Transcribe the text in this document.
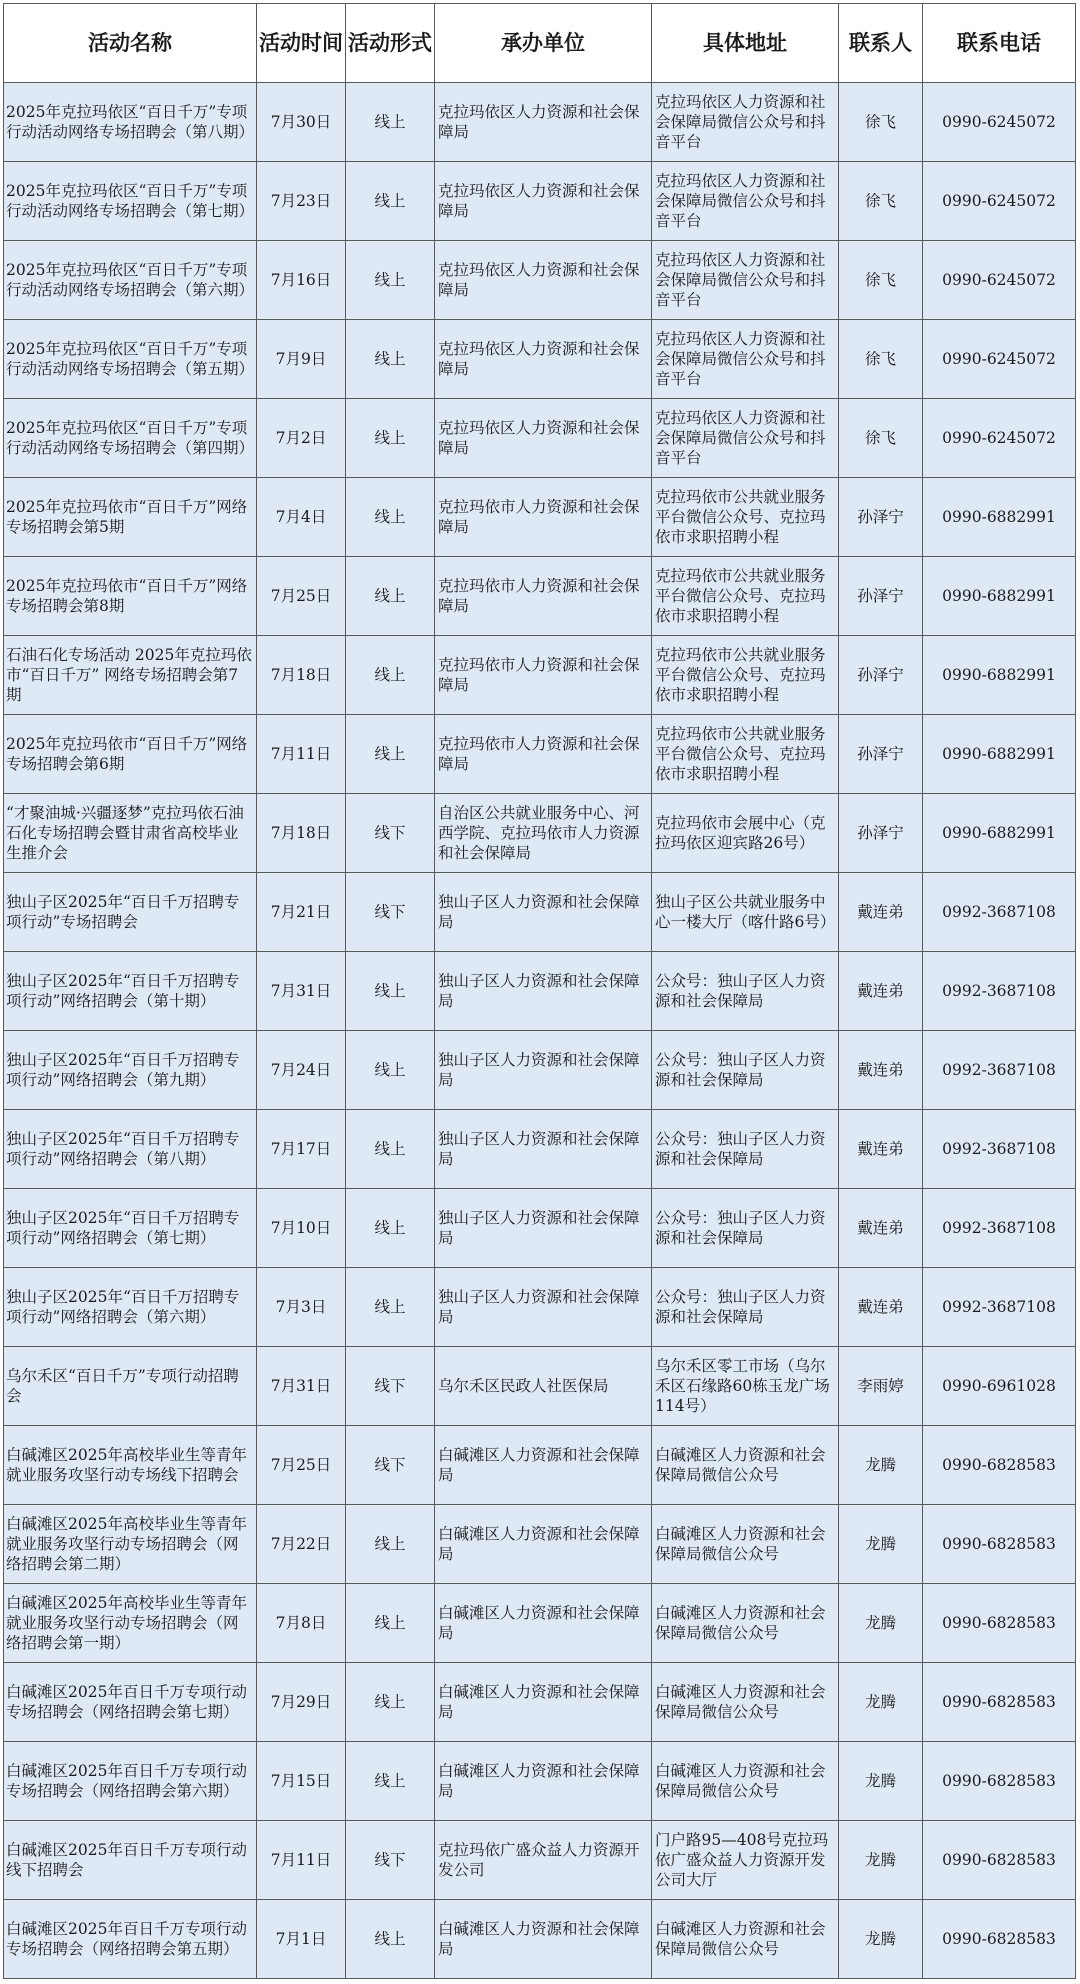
活动名称	活动时间	活动形式	承办单位	具体地址	联系人	联系电话
2025年克拉玛依区“百日千万”专项行动活动网络专场招聘会（第八期）	7月30日	线上	克拉玛依区人力资源和社会保障局	克拉玛依区人力资源和社会保障局微信公众号和抖音平台	徐飞	0990-6245072
2025年克拉玛依区“百日千万”专项行动活动网络专场招聘会（第七期）	7月23日	线上	克拉玛依区人力资源和社会保障局	克拉玛依区人力资源和社会保障局微信公众号和抖音平台	徐飞	0990-6245072
2025年克拉玛依区“百日千万”专项行动活动网络专场招聘会（第六期）	7月16日	线上	克拉玛依区人力资源和社会保障局	克拉玛依区人力资源和社会保障局微信公众号和抖音平台	徐飞	0990-6245072
2025年克拉玛依区“百日千万”专项行动活动网络专场招聘会（第五期）	7月9日	线上	克拉玛依区人力资源和社会保障局	克拉玛依区人力资源和社会保障局微信公众号和抖音平台	徐飞	0990-6245072
2025年克拉玛依区“百日千万”专项行动活动网络专场招聘会（第四期）	7月2日	线上	克拉玛依区人力资源和社会保障局	克拉玛依区人力资源和社会保障局微信公众号和抖音平台	徐飞	0990-6245072
2025年克拉玛依市“百日千万”网络专场招聘会第5期	7月4日	线上	克拉玛依市人力资源和社会保障局	克拉玛依市公共就业服务平台微信公众号、克拉玛依市求职招聘小程	孙泽宁	0990-6882991
2025年克拉玛依市“百日千万”网络专场招聘会第8期	7月25日	线上	克拉玛依市人力资源和社会保障局	克拉玛依市公共就业服务平台微信公众号、克拉玛依市求职招聘小程	孙泽宁	0990-6882991
石油石化专场活动 2025年克拉玛依市“百日千万” 网络专场招聘会第7期	7月18日	线上	克拉玛依市人力资源和社会保障局	克拉玛依市公共就业服务平台微信公众号、克拉玛依市求职招聘小程	孙泽宁	0990-6882991
2025年克拉玛依市“百日千万”网络专场招聘会第6期	7月11日	线上	克拉玛依市人力资源和社会保障局	克拉玛依市公共就业服务平台微信公众号、克拉玛依市求职招聘小程	孙泽宁	0990-6882991
“才聚油城·兴疆逐梦”克拉玛依石油石化专场招聘会暨甘肃省高校毕业生推介会	7月18日	线下	自治区公共就业服务中心、河西学院、克拉玛依市人力资源和社会保障局	克拉玛依市会展中心（克拉玛依区迎宾路26号）	孙泽宁	0990-6882991
独山子区2025年“百日千万招聘专项行动”专场招聘会	7月21日	线下	独山子区人力资源和社会保障局	独山子区公共就业服务中心一楼大厅（喀什路6号）	戴连弟	0992-3687108
独山子区2025年“百日千万招聘专项行动”网络招聘会（第十期）	7月31日	线上	独山子区人力资源和社会保障局	公众号：独山子区人力资源和社会保障局	戴连弟	0992-3687108
独山子区2025年“百日千万招聘专项行动”网络招聘会（第九期）	7月24日	线上	独山子区人力资源和社会保障局	公众号：独山子区人力资源和社会保障局	戴连弟	0992-3687108
独山子区2025年“百日千万招聘专项行动”网络招聘会（第八期）	7月17日	线上	独山子区人力资源和社会保障局	公众号：独山子区人力资源和社会保障局	戴连弟	0992-3687108
独山子区2025年“百日千万招聘专项行动”网络招聘会（第七期）	7月10日	线上	独山子区人力资源和社会保障局	公众号：独山子区人力资源和社会保障局	戴连弟	0992-3687108
独山子区2025年“百日千万招聘专项行动”网络招聘会（第六期）	7月3日	线上	独山子区人力资源和社会保障局	公众号：独山子区人力资源和社会保障局	戴连弟	0992-3687108
乌尔禾区“百日千万”专项行动招聘会	7月31日	线下	乌尔禾区民政人社医保局	乌尔禾区零工市场（乌尔禾区石缘路60栋玉龙广场114号）	李雨婷	0990-6961028
白碱滩区2025年高校毕业生等青年就业服务攻坚行动专场线下招聘会	7月25日	线下	白碱滩区人力资源和社会保障局	白碱滩区人力资源和社会保障局微信公众号	龙腾	0990-6828583
白碱滩区2025年高校毕业生等青年就业服务攻坚行动专场招聘会（网络招聘会第二期）	7月22日	线上	白碱滩区人力资源和社会保障局	白碱滩区人力资源和社会保障局微信公众号	龙腾	0990-6828583
白碱滩区2025年高校毕业生等青年就业服务攻坚行动专场招聘会（网络招聘会第一期）	7月8日	线上	白碱滩区人力资源和社会保障局	白碱滩区人力资源和社会保障局微信公众号	龙腾	0990-6828583
白碱滩区2025年百日千万专项行动专场招聘会（网络招聘会第七期）	7月29日	线上	白碱滩区人力资源和社会保障局	白碱滩区人力资源和社会保障局微信公众号	龙腾	0990-6828583
白碱滩区2025年百日千万专项行动专场招聘会（网络招聘会第六期）	7月15日	线上	白碱滩区人力资源和社会保障局	白碱滩区人力资源和社会保障局微信公众号	龙腾	0990-6828583
白碱滩区2025年百日千万专项行动线下招聘会	7月11日	线下	克拉玛依广盛众益人力资源开发公司	门户路95—408号克拉玛依广盛众益人力资源开发公司大厅	龙腾	0990-6828583
白碱滩区2025年百日千万专项行动专场招聘会（网络招聘会第五期）	7月1日	线上	白碱滩区人力资源和社会保障局	白碱滩区人力资源和社会保障局微信公众号	龙腾	0990-6828583
